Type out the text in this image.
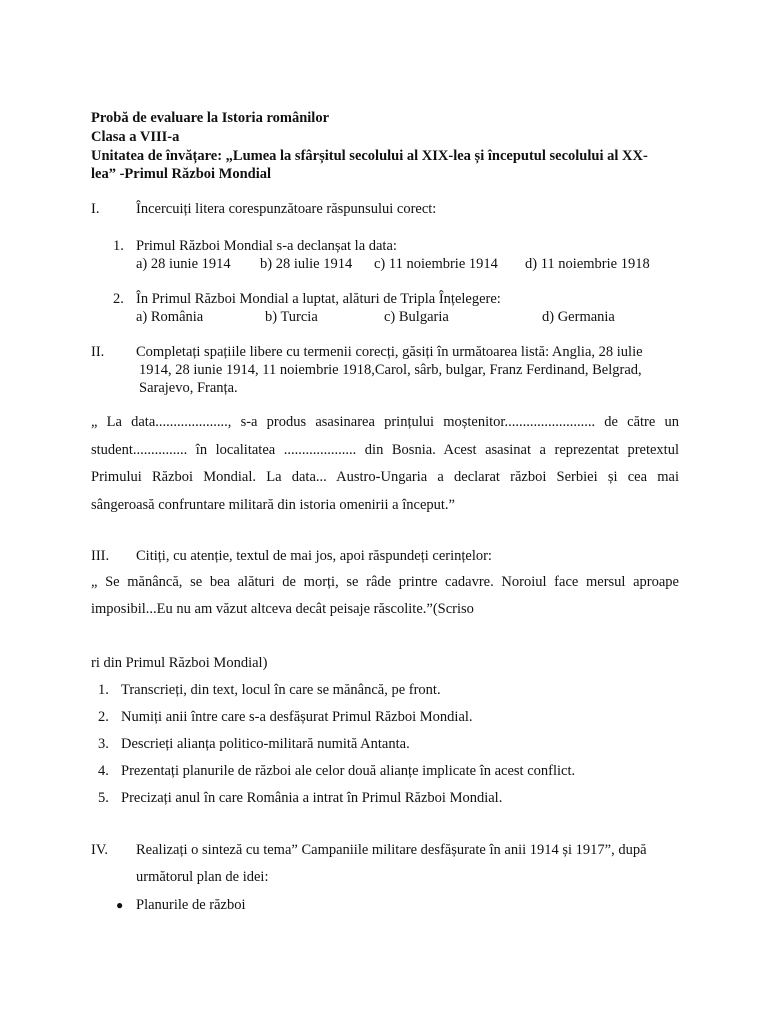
Probă de evaluare la Istoria românilor
Clasa a VIII-a
Unitatea de învățare: „Lumea la sfârșitul secolului al XIX-lea și începutul secolului al XX-
lea” -Primul Război Mondial
I.	Încercuiți litera corespunzătoare răspunsului corect:
1. Primul Război Mondial s-a declanșat la data:
a) 28 iunie 1914 b) 28 iulie 1914 c) 11 noiembrie 1914 d) 11 noiembrie 1918
2. În Primul Război Mondial a luptat, alături de Tripla Înțelegere:
a) România	b) Turcia	c) Bulgaria	d) Germania
II. Completați spațiile libere cu termenii corecți, găsiți în următoarea listă: Anglia, 28 iulie
1914, 28 iunie 1914, 11 noiembrie 1918,Carol, sârb, bulgar, Franz Ferdinand, Belgrad,
Sarajevo, Franța.
„ La data...................., s-a produs asasinarea prințului moștenitor......................... de către un
student............... în localitatea .................... din Bosnia. Acest asasinat a reprezentat pretextul
Primului Război Mondial. La data... Austro-Ungaria a declarat război Serbiei și cea mai
sângeroasă confruntare militară din istoria omenirii a început.”
III. Citiți, cu atenție, textul de mai jos, apoi răspundeți cerințelor:
„ Se mănâncă, se bea alături de morți, se râde printre cadavre. Noroiul face mersul aproape
imposibil...Eu nu am văzut altceva decât peisaje răscolite.”(Scriso
ri din Primul Război Mondial)
1. Transcrieți, din text, locul în care se mănâncă, pe front.
2. Numiți anii între care s-a desfășurat Primul Război Mondial.
3. Descrieți alianța politico-militară numită Antanta.
4. Prezentați planurile de război ale celor două alianțe implicate în acest conflict.
5. Precizați anul în care România a intrat în Primul Război Mondial.
IV. Realizați o sinteză cu tema” Campaniile militare desfășurate în anii 1914 și 1917”, după
următorul plan de idei:
● Planurile de război
